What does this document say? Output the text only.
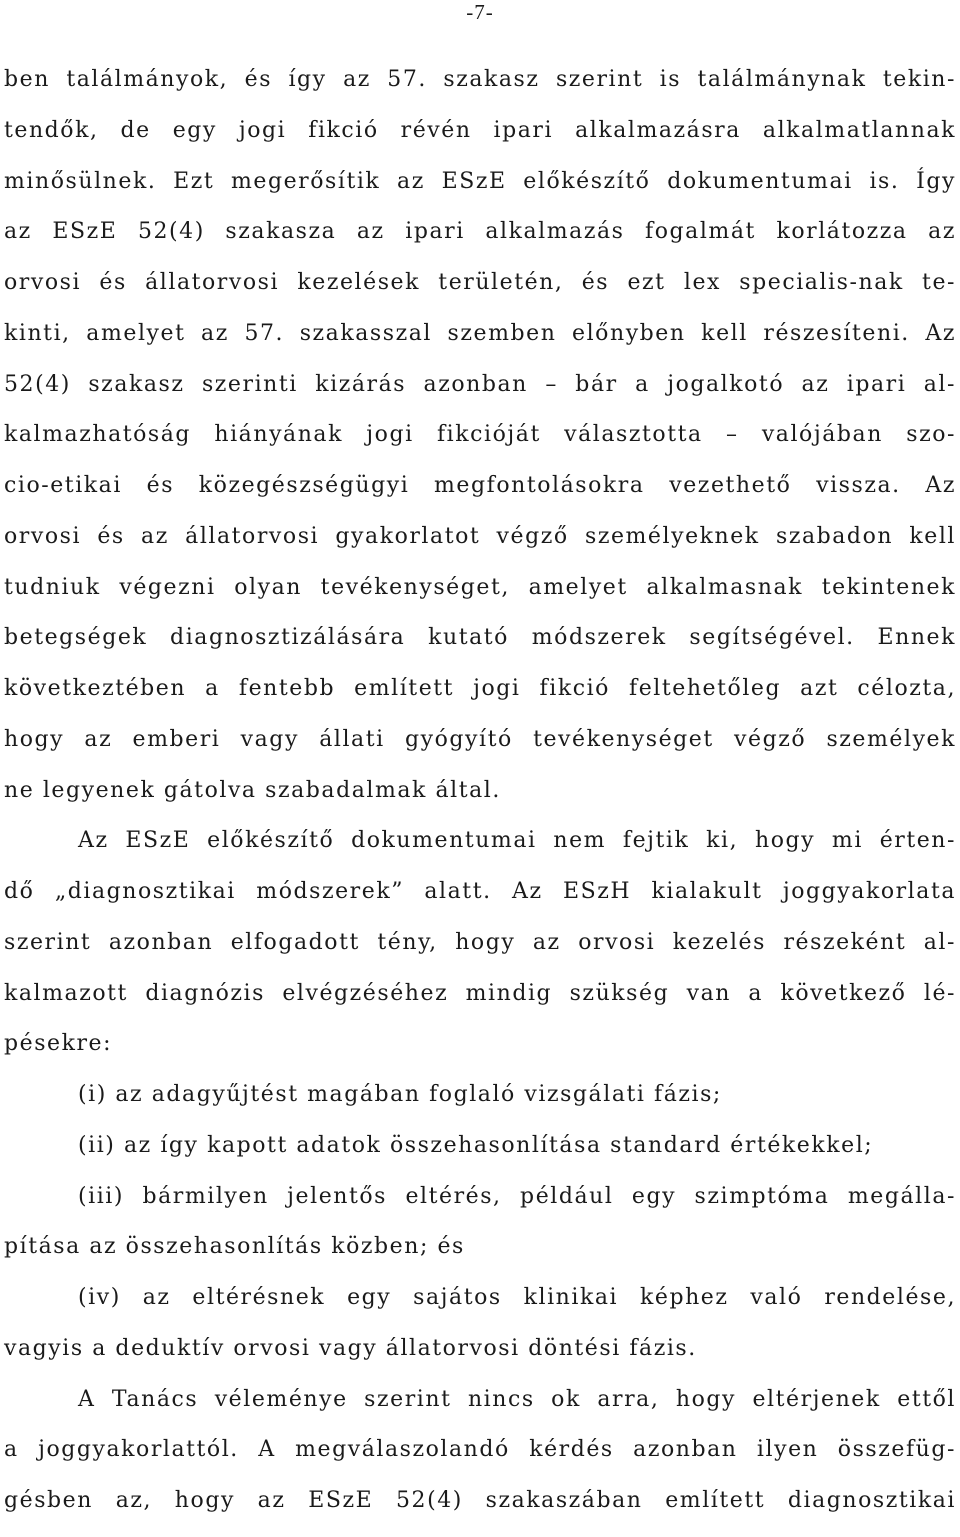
-7-
ben találmányok, és így az 57. szakasz szerint is találmánynak tekin-
tendők, de egy jogi fikció révén ipari alkalmazásra alkalmatlannak
minősülnek. Ezt megerősítik az ESzE előkészítő dokumentumai is. Így
az ESzE 52(4) szakasza az ipari alkalmazás fogalmát korlátozza az
orvosi és állatorvosi kezelések területén, és ezt lex specialis-nak te-
kinti, amelyet az 57. szakasszal szemben előnyben kell részesíteni. Az
52(4) szakasz szerinti kizárás azonban – bár a jogalkotó az ipari al-
kalmazhatóság hiányának jogi fikcióját választotta – valójában szo-
cio-etikai és közegészségügyi megfontolásokra vezethető vissza. Az
orvosi és az állatorvosi gyakorlatot végző személyeknek szabadon kell
tudniuk végezni olyan tevékenységet, amelyet alkalmasnak tekintenek
betegségek diagnosztizálására kutató módszerek segítségével. Ennek
következtében a fentebb említett jogi fikció feltehetőleg azt célozta,
hogy az emberi vagy állati gyógyító tevékenységet végző személyek
ne legyenek gátolva szabadalmak által.
Az ESzE előkészítő dokumentumai nem fejtik ki, hogy mi érten-
dő „diagnosztikai módszerek” alatt. Az ESzH kialakult joggyakorlata
szerint azonban elfogadott tény, hogy az orvosi kezelés részeként al-
kalmazott diagnózis elvégzéséhez mindig szükség van a következő lé-
pésekre:
(i) az adagyűjtést magában foglaló vizsgálati fázis;
(ii) az így kapott adatok összehasonlítása standard értékekkel;
(iii) bármilyen jelentős eltérés, például egy szimptóma megálla-
pítása az összehasonlítás közben; és
(iv) az eltérésnek egy sajátos klinikai képhez való rendelése,
vagyis a deduktív orvosi vagy állatorvosi döntési fázis.
A Tanács véleménye szerint nincs ok arra, hogy eltérjenek ettől
a joggyakorlattól. A megválaszolandó kérdés azonban ilyen összefüg-
gésben az, hogy az ESzE 52(4) szakaszában említett diagnosztikai
